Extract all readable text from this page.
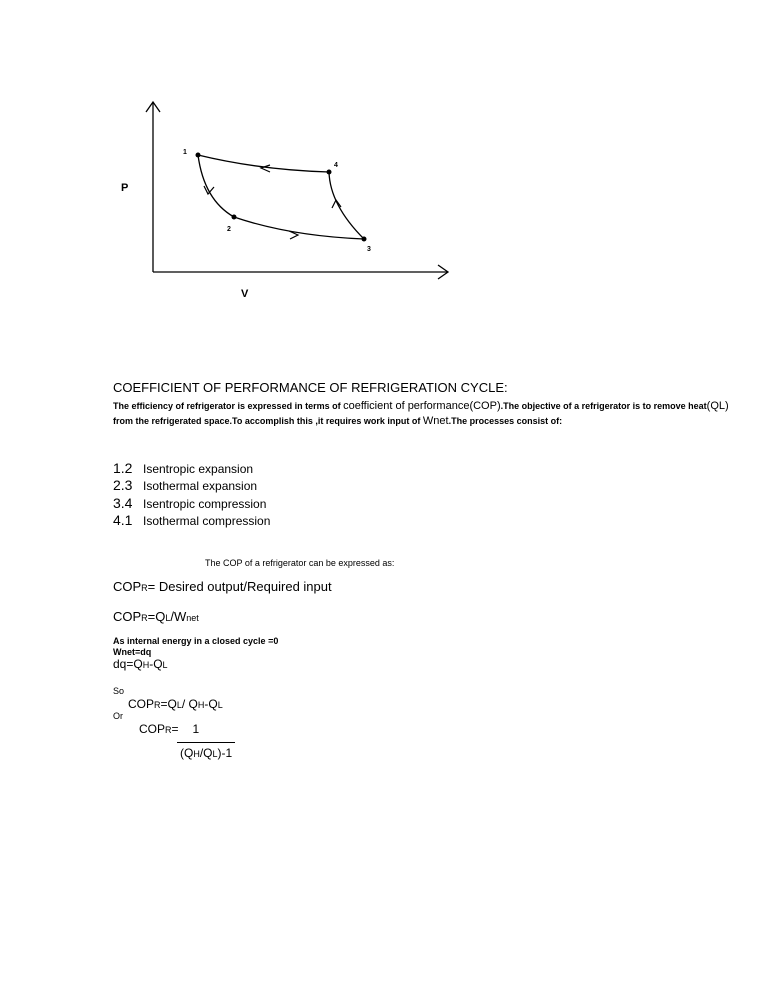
1
2
3
4
P
V
COEFFICIENT OF PERFORMANCE OF REFRIGERATION CYCLE:
The efficiency of refrigerator is expressed in terms of coefficient of performance(COP).The objective of a refrigerator is to remove heat(QL) from the refrigerated space.To accomplish this ,it requires work input of Wnet.The processes consist of:
1.2 Isentropic expansion
2.3 Isothermal expansion
3.4 Isentropic compression
4.1 Isothermal compression
The COP of a refrigerator can be expressed as:
COPR= Desired output/Required input
COPR=QL/Wnet
As internal energy in a closed cycle =0
Wnet=dq
dq=QH-QL
So
COPR=QL/ QH-QL
Or
COPR= 1
(QH/QL)-1
